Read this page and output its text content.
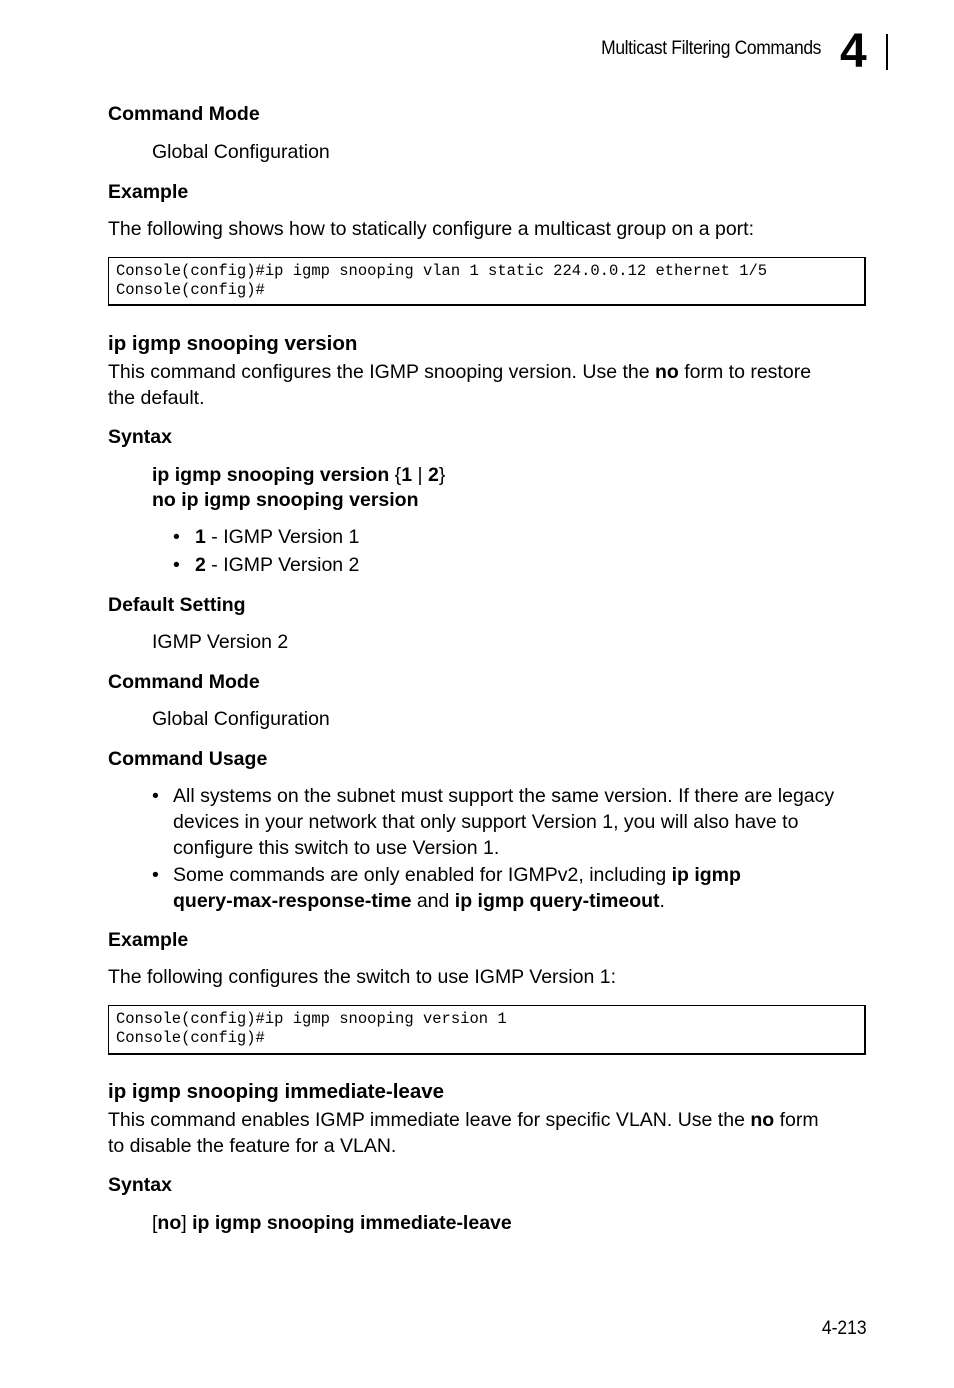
Multicast Filtering Commands 4
Command Mode
Global Configuration
Example
The following shows how to statically configure a multicast group on a port:
Console(config)#ip igmp snooping vlan 1 static 224.0.0.12 ethernet 1/5
Console(config)#
ip igmp snooping version
This command configures the IGMP snooping version. Use the no form to restore
the default.
Syntax
ip igmp snooping version {1 | 2}
no ip igmp snooping version
• 1 - IGMP Version 1
• 2 - IGMP Version 2
Default Setting
IGMP Version 2
Command Mode
Global Configuration
Command Usage
• All systems on the subnet must support the same version. If there are legacy
devices in your network that only support Version 1, you will also have to
configure this switch to use Version 1.
• Some commands are only enabled for IGMPv2, including ip igmp
query-max-response-time and ip igmp query-timeout.
Example
The following configures the switch to use IGMP Version 1:
Console(config)#ip igmp snooping version 1
Console(config)#
ip igmp snooping immediate-leave
This command enables IGMP immediate leave for specific VLAN. Use the no form
to disable the feature for a VLAN.
Syntax
[no] ip igmp snooping immediate-leave
4-213
